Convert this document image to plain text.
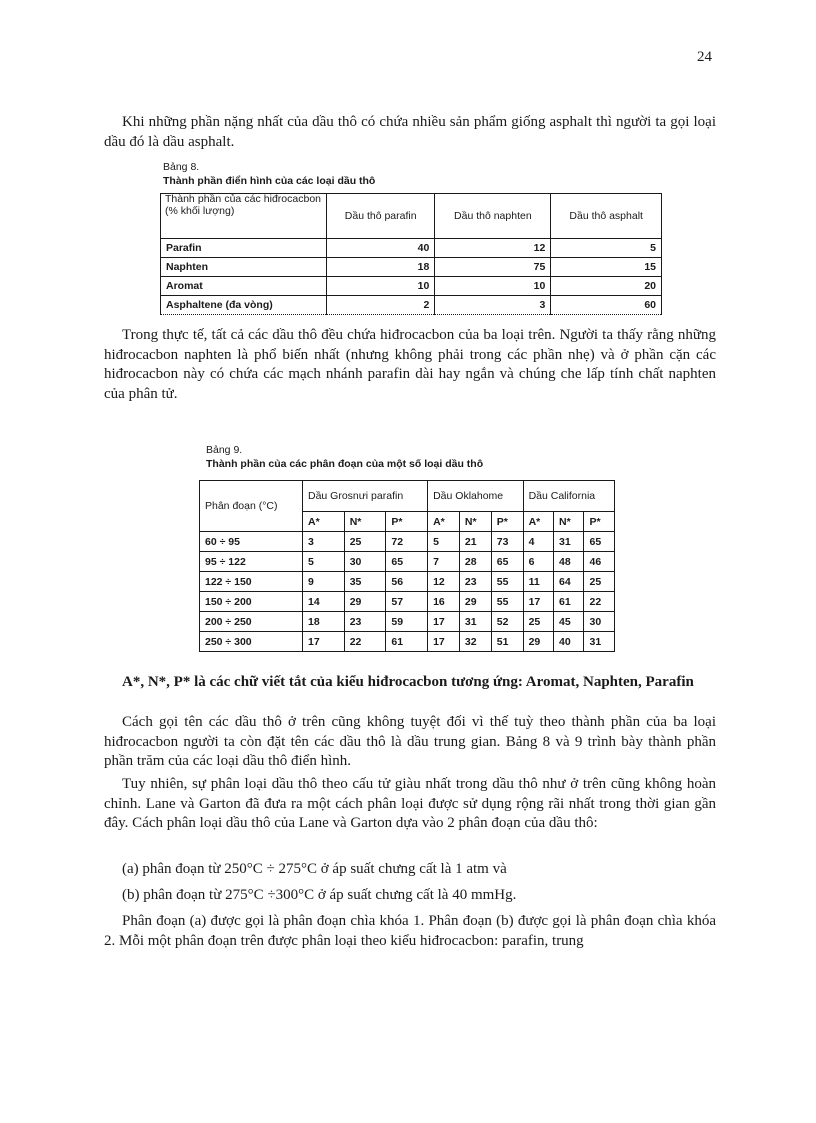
24

Khi những phần nặng nhất của dầu thô có chứa nhiều sản phẩm giống asphalt thì người ta gọi loại dầu đó là dầu asphalt.

Bảng 8.
Thành phần điển hình của các loại dầu thô
Thành phần của các hiđrocacbon (% khối lượng)	Dầu thô parafin	Dầu thô naphten	Dầu thô asphalt
Parafin	40	12	5
Naphten	18	75	15
Aromat	10	10	20
Asphaltene (đa vòng)	2	3	60

Trong thực tế, tất cả các dầu thô đều chứa hiđrocacbon của ba loại trên. Người ta thấy rằng những hiđrocacbon naphten là phổ biến nhất (nhưng không phải trong các phần nhẹ) và ở phần cặn các hiđrocacbon này có chứa các mạch nhánh parafin dài hay ngắn và chúng che lấp tính chất naphten của phân tử.

Bảng 9.
Thành phần của các phân đoạn của một số loại dầu thô
Phân đoạn (°C)	Dầu Grosnưi parafin			Dầu Oklahome			Dầu California		
	A*	N*	P*	A*	N*	P*	A*	N*	P*
60 ÷ 95	3	25	72	5	21	73	4	31	65
95 ÷ 122	5	30	65	7	28	65	6	48	46
122 ÷ 150	9	35	56	12	23	55	11	64	25
150 ÷ 200	14	29	57	16	29	55	17	61	22
200 ÷ 250	18	23	59	17	31	52	25	45	30
250 ÷ 300	17	22	61	17	32	51	29	40	31

A*, N*, P* là các chữ viết tắt của kiểu hiđrocacbon tương ứng: Aromat, Naphten, Parafin

Cách gọi tên các dầu thô ở trên cũng không tuyệt đối vì thế tuỳ theo thành phần của ba loại hiđrocacbon người ta còn đặt tên các dầu thô là dầu trung gian. Bảng 8 và 9 trình bày thành phần phần trăm của các loại dầu thô điển hình.

Tuy nhiên, sự phân loại dầu thô theo cấu tử giàu nhất trong dầu thô như ở trên cũng không hoàn chỉnh. Lane và Garton đã đưa ra một cách phân loại được sử dụng rộng rãi nhất trong thời gian gần đây. Cách phân loại dầu thô của Lane và Garton dựa vào 2 phân đoạn của dầu thô:

(a) phân đoạn từ 250°C ÷ 275°C ở áp suất chưng cất là 1 atm và

(b) phân đoạn từ 275°C ÷300°C ở áp suất chưng cất là 40 mmHg.

Phân đoạn (a) được gọi là phân đoạn chìa khóa 1. Phân đoạn (b) được gọi là phân đoạn chìa khóa 2. Mỗi một phân đoạn trên được phân loại theo kiểu hiđrocacbon: parafin, trung
